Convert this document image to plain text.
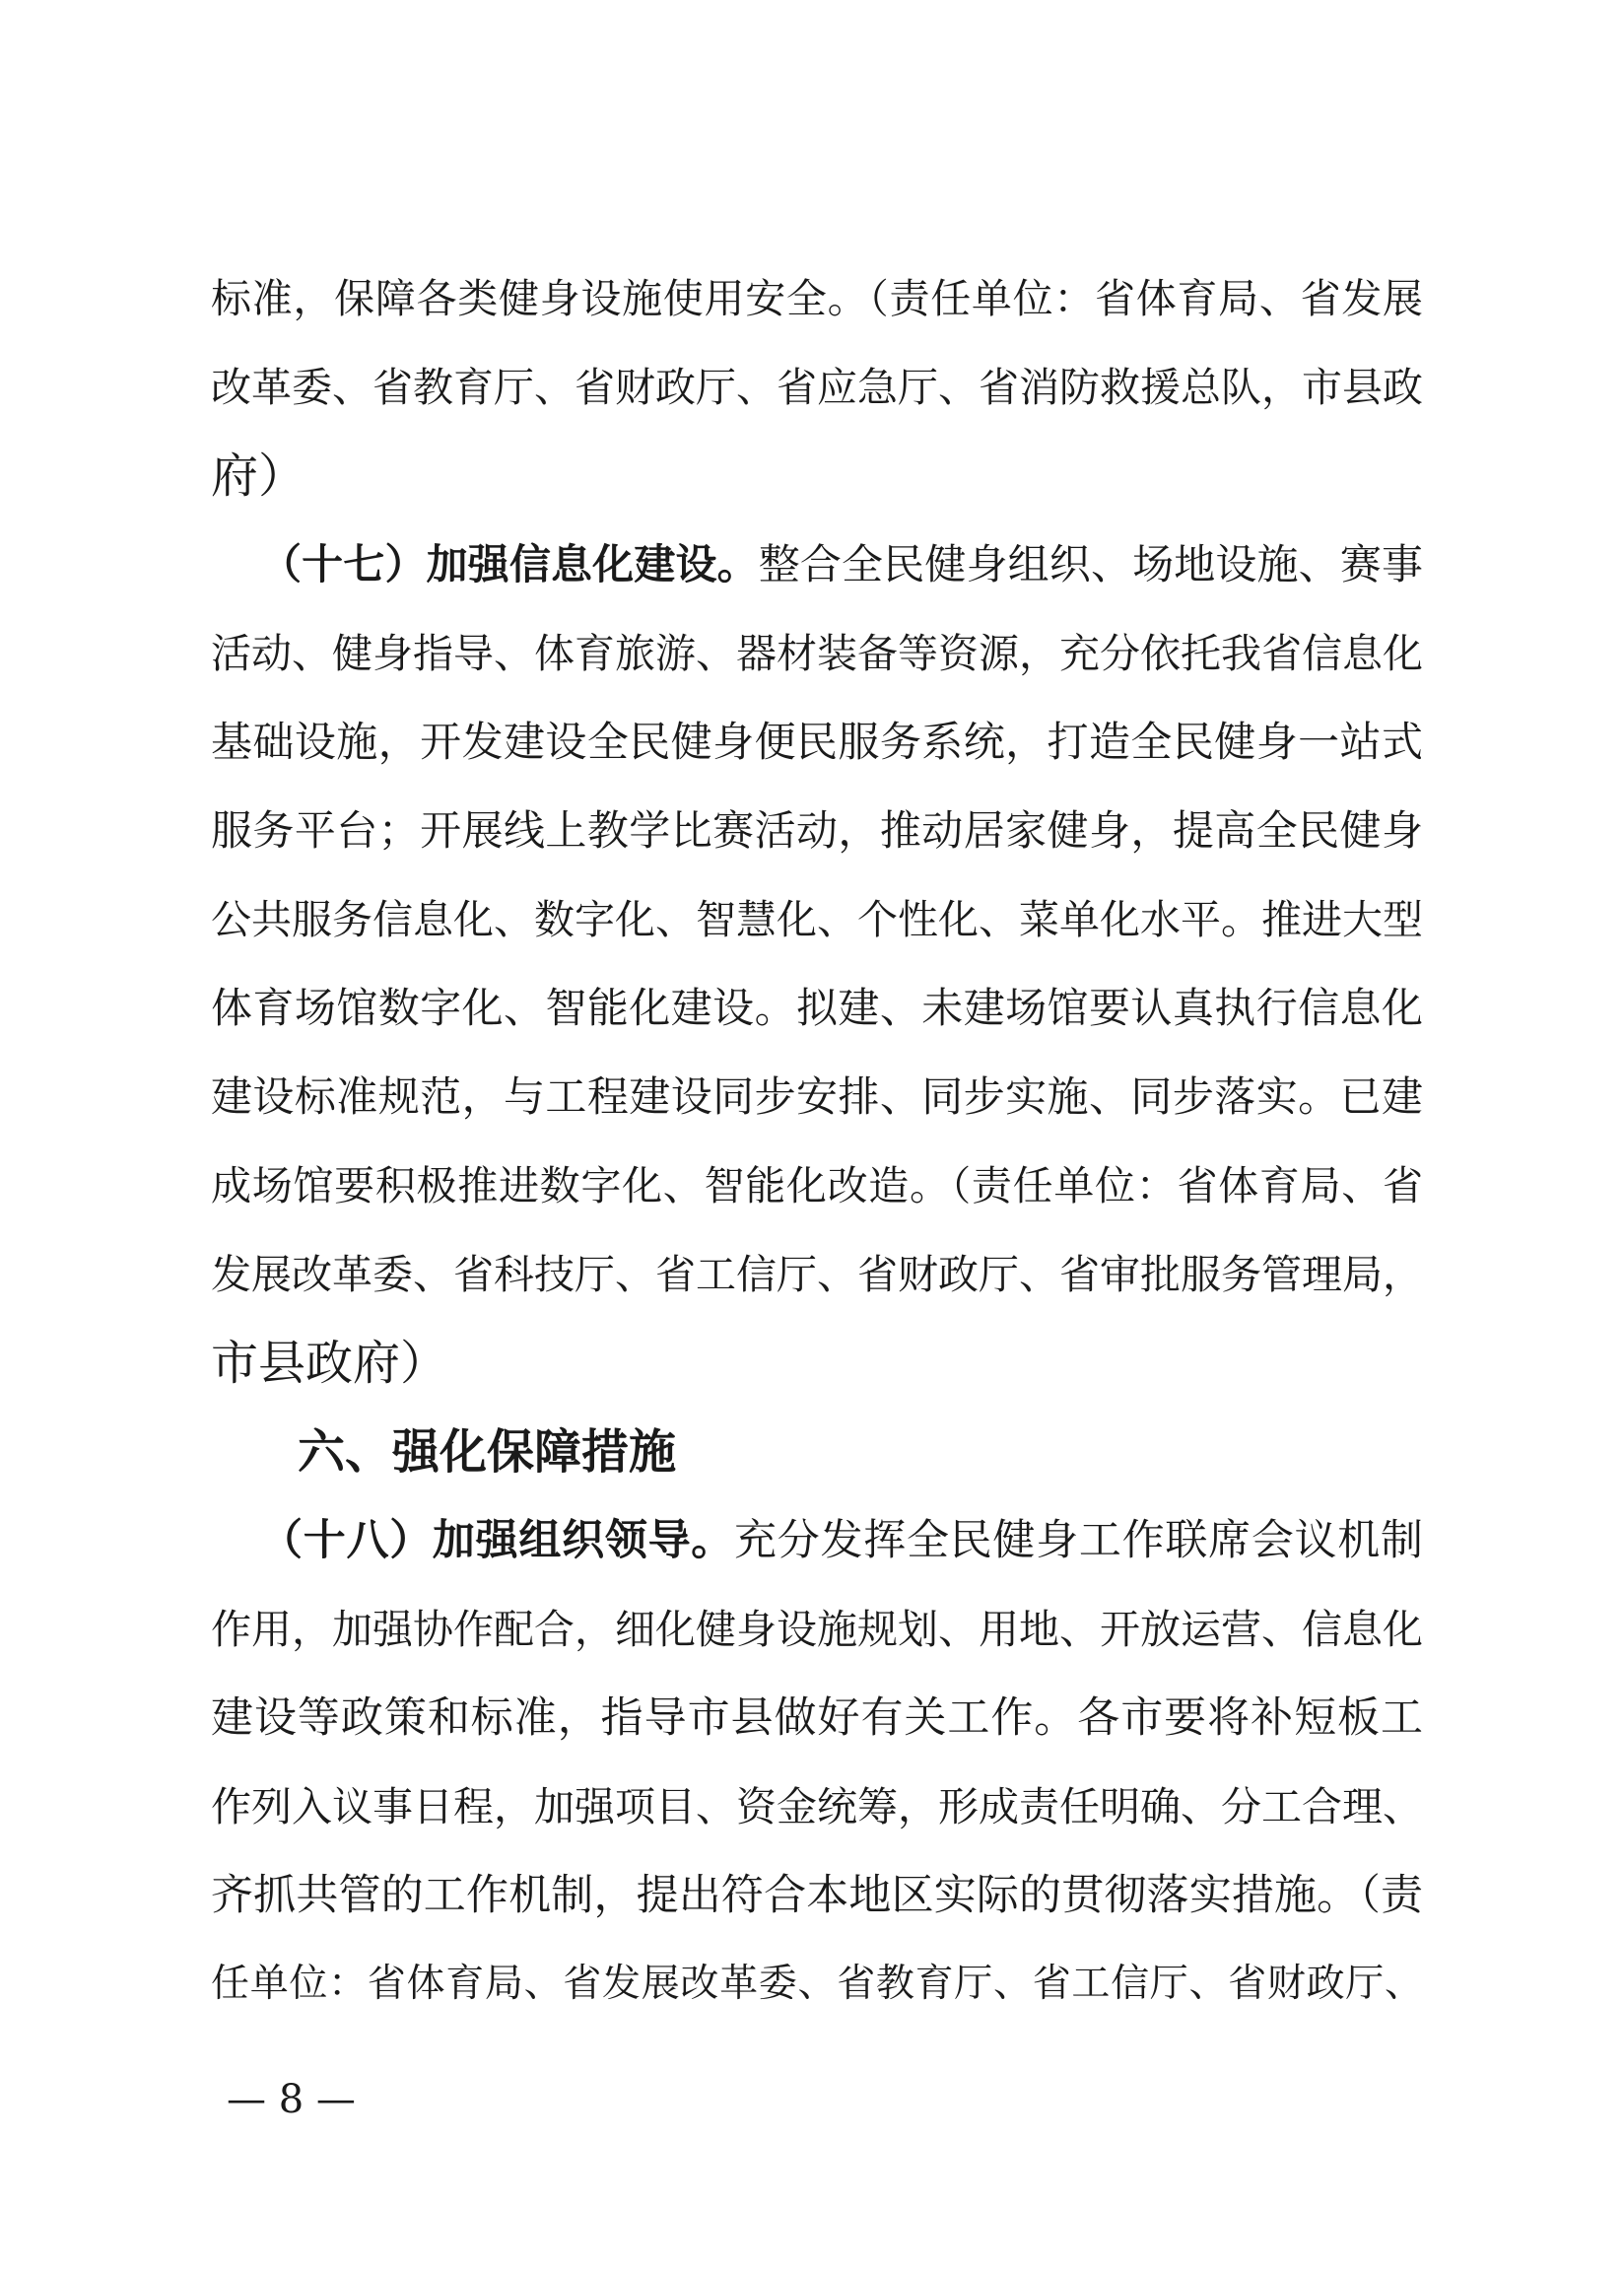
标准，保障各类健身设施使用安全。（责任单位：省体育局、省发展
改革委、省教育厅、省财政厅、省应急厅、省消防救援总队，市县政
府）
（十七）加强信息化建设。整合全民健身组织、场地设施、赛事
活动、健身指导、体育旅游、器材装备等资源，充分依托我省信息化
基础设施，开发建设全民健身便民服务系统，打造全民健身一站式
服务平台；开展线上教学比赛活动，推动居家健身，提高全民健身
公共服务信息化、数字化、智慧化、个性化、菜单化水平。推进大型
体育场馆数字化、智能化建设。拟建、未建场馆要认真执行信息化
建设标准规范，与工程建设同步安排、同步实施、同步落实。已建
成场馆要积极推进数字化、智能化改造。（责任单位：省体育局、省
发展改革委、省科技厅、省工信厅、省财政厅、省审批服务管理局，
市县政府）
六、强化保障措施
（十八）加强组织领导。充分发挥全民健身工作联席会议机制
作用，加强协作配合，细化健身设施规划、用地、开放运营、信息化
建设等政策和标准，指导市县做好有关工作。各市要将补短板工
作列入议事日程，加强项目、资金统筹，形成责任明确、分工合理、
齐抓共管的工作机制，提出符合本地区实际的贯彻落实措施。（责
任单位：省体育局、省发展改革委、省教育厅、省工信厅、省财政厅、
— 8 —
